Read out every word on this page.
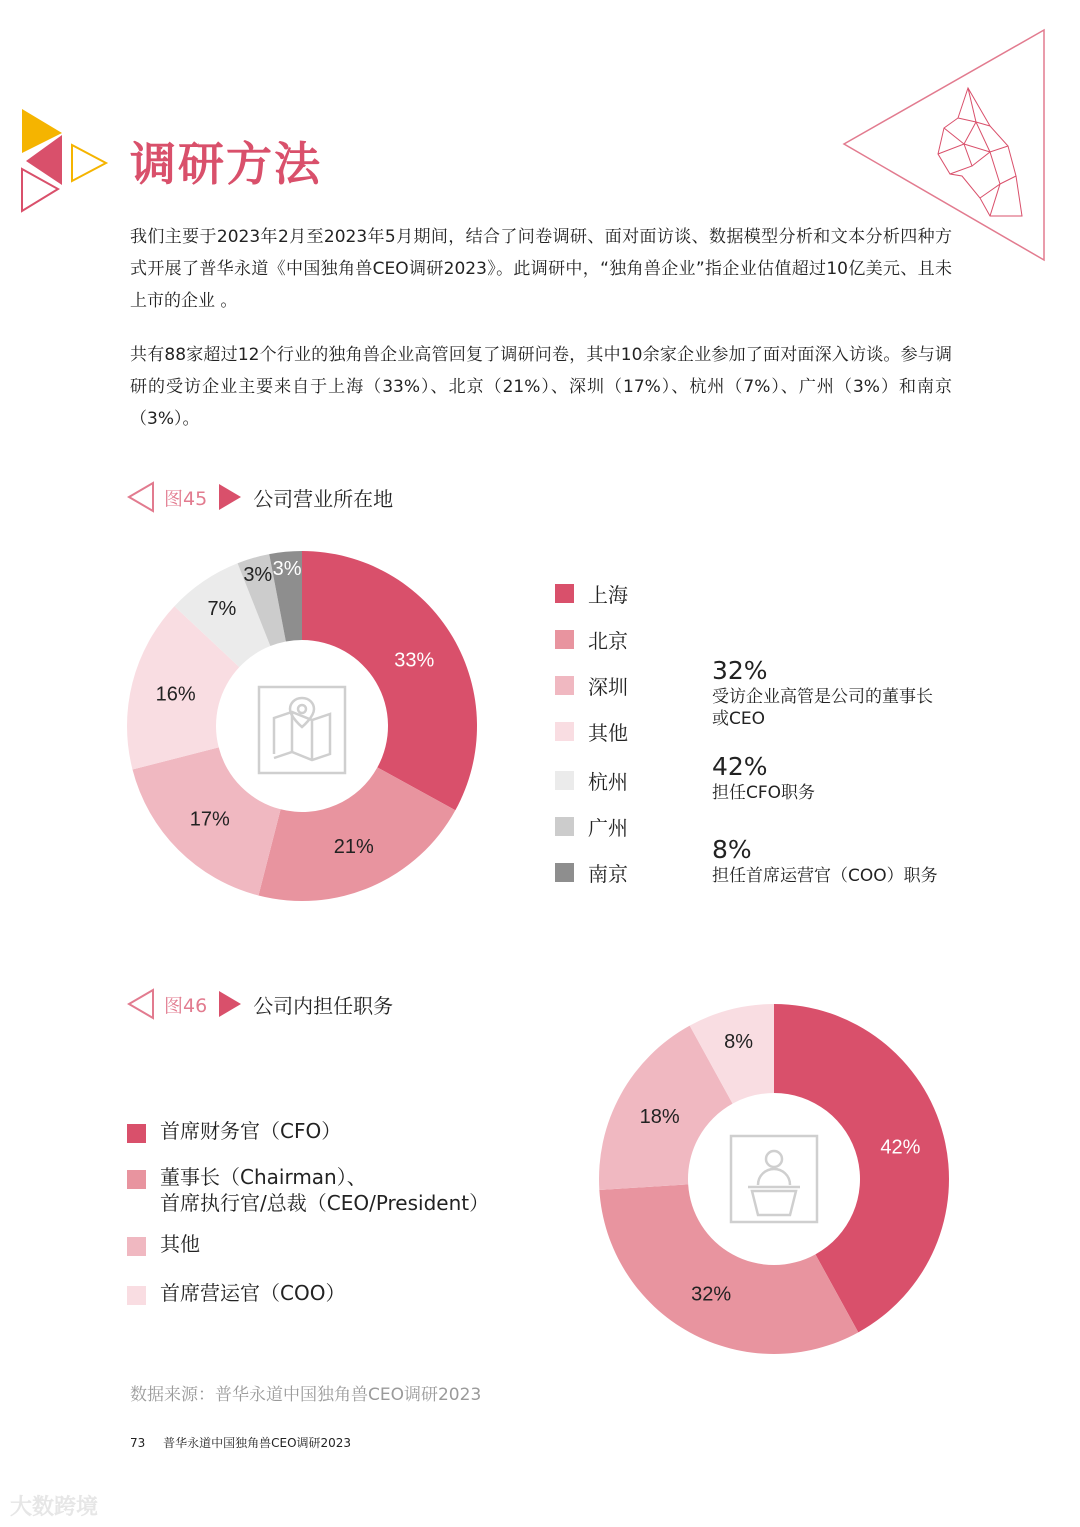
调研方法

我们主要于2023年2月至2023年5月期间，结合了问卷调研、面对面访谈、数据模型分析和文本分析四种方式开展了普华永道《中国独角兽CEO调研2023》。此调研中，“独角兽企业”指企业估值超过10亿美元、且未上市的企业 。

共有88家超过12个行业的独角兽企业高管回复了调研问卷，其中10余家企业参加了面对面深入访谈。参与调研的受访企业主要来自于上海（33%）、北京（21%）、深圳（17%）、杭州（7%）、广州（3%）和南京（3%）。

图45 公司营业所在地
33%
21%
17%
16%
7%
3% 3%
上海
北京
深圳
其他
杭州
广州
南京
32%
受访企业高管是公司的董事长
或CEO
42%
担任CFO职务
8%
担任首席运营官（COO）职务
图46 公司内担任职务
首席财务官（CFO）
董事长（Chairman）、
首席执行官/总裁（CEO/President）
其他
首席营运官（COO）
42%
32%
18%
8%
数据来源：普华永道中国独角兽CEO调研2023
73 普华永道中国独角兽CEO调研2023
大数跨境
